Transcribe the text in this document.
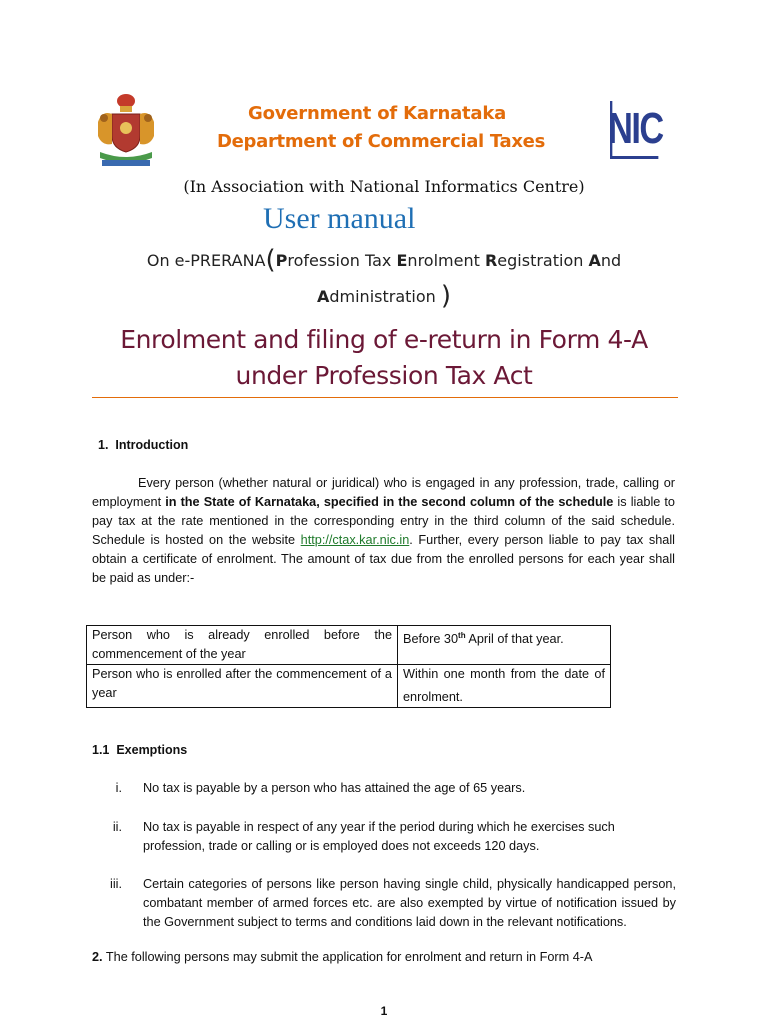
Government of Karnataka
Department of Commercial Taxes NIC
(In Association with National Informatics Centre)
User manual
On e-PRERANA(Profession Tax Enrolment Registration And
Administration )
Enrolment and filing of e-return in Form 4-A
under Profession Tax Act
1.  Introduction
Every person (whether natural or juridical) who is engaged in any profession, trade, calling or employment in the State of Karnataka, specified in the second column of the schedule is liable to pay tax at the rate mentioned in the corresponding entry in the third column of the said schedule. Schedule is hosted on the website http://ctax.kar.nic.in. Further, every person liable to pay tax shall obtain a certificate of enrolment. The amount of tax due from the enrolled persons for each year shall be paid as under:-
Person who is already enrolled before the commencement of the year	Before 30th April of that year.
Person who is enrolled after the commencement of a year	Within one month from the date of enrolment.
1.1  Exemptions
i. No tax is payable by a person who has attained the age of 65 years.
ii. No tax is payable in respect of any year if the period during which he exercises such profession, trade or calling or is employed does not exceeds 120 days.
iii. Certain categories of persons like person having single child, physically handicapped person, combatant member of armed forces etc. are also exempted by virtue of notification issued by the Government subject to terms and conditions laid down in the relevant notifications.
2. The following persons may submit the application for enrolment and return in Form 4-A
1
